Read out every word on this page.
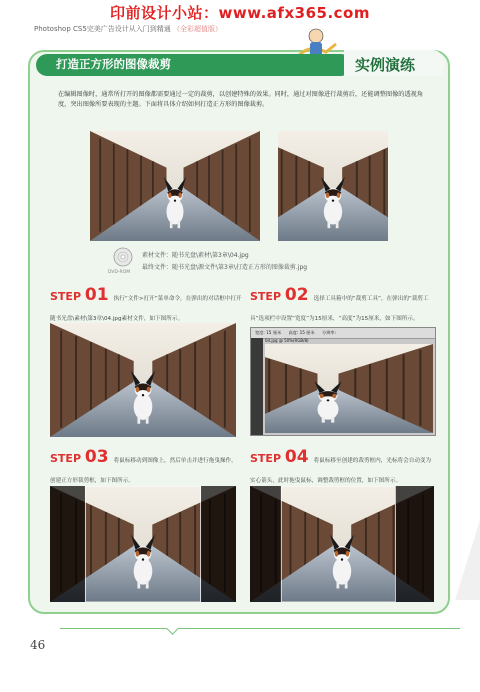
印前设计小站：www.afx365.com
Photoshop CS5完美广告设计从入门到精通 （全彩超值版）
打造正方形的图像裁剪	实例演练
在编辑图像时，通常所打开的图像都需要通过一定的裁剪，以创建特殊的效果。同时，通过对图像进行裁剪后，还能调整图像的透视角度，突出图像所要表现的主题。下面将具体介绍如何打造正方形的图像裁剪。
DVD-ROM
素材文件：随书光盘\素材\第3章\04.jpg
最终文件：随书光盘\源文件\第3章\打造正方形的图像裁剪.jpg
STEP 01 执行“文件>打开”菜单命令，在弹出的对话框中打开随书光盘\素材\第3章\04.jpg素材文件，如下图所示。
STEP 02 选择工具箱中的“裁剪工具”，在弹出的“裁剪工具”选项栏中设置“宽度”为15厘米，“高度”为15厘米，如下图所示。
宽度: 15 厘米 高度: 15 厘米 分辨率:
04.jpg @ 50%(RGB/8)
STEP 03 将鼠标移动到图像上，然后单击并进行拖曳操作，创建正方形裁剪框，如下图所示。
STEP 04 将鼠标移至创建的裁剪框内，光标将会自动变为实心箭头，此时拖曳鼠标，调整裁剪框的位置，如下图所示。
46
